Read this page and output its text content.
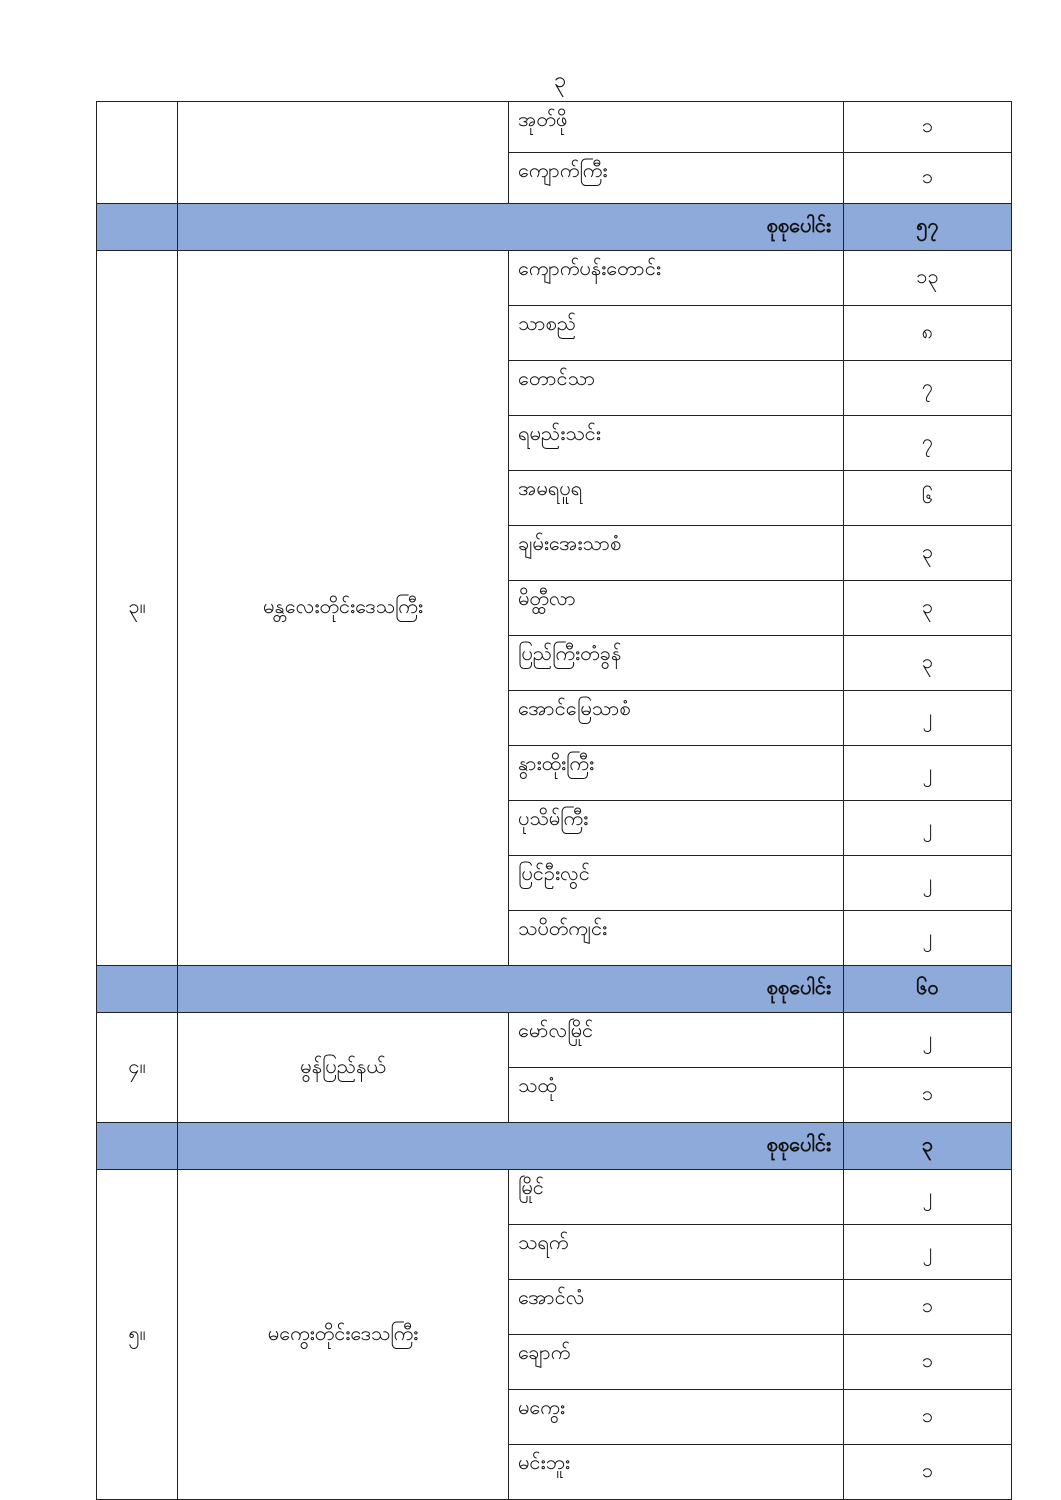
၃
		အုတ်ဖို	၁
		ကျောက်ကြီး	၁
	စုစုပေါင်း		၅၇
၃။	မန္တလေးတိုင်းဒေသကြီး	ကျောက်ပန်းတောင်း	၁၃
		သာစည်	၈
		တောင်သာ	၇
		ရမည်းသင်း	၇
		အမရပူရ	၆
		ချမ်းအေးသာစံ	၃
		မိတ္ထီလာ	၃
		ပြည်ကြီးတံခွန်	၃
		အောင်မြေသာစံ	၂
		နွားထိုးကြီး	၂
		ပုသိမ်ကြီး	၂
		ပြင်ဦးလွင်	၂
		သပိတ်ကျင်း	၂
	စုစုပေါင်း		၆၀
၄။	မွန်ပြည်နယ်	မော်လမြိုင်	၂
		သထုံ	၁
	စုစုပေါင်း		၃
၅။	မကွေးတိုင်းဒေသကြီး	မြိုင်	၂
		သရက်	၂
		အောင်လံ	၁
		ချောက်	၁
		မကွေး	၁
		မင်းဘူး	၁
